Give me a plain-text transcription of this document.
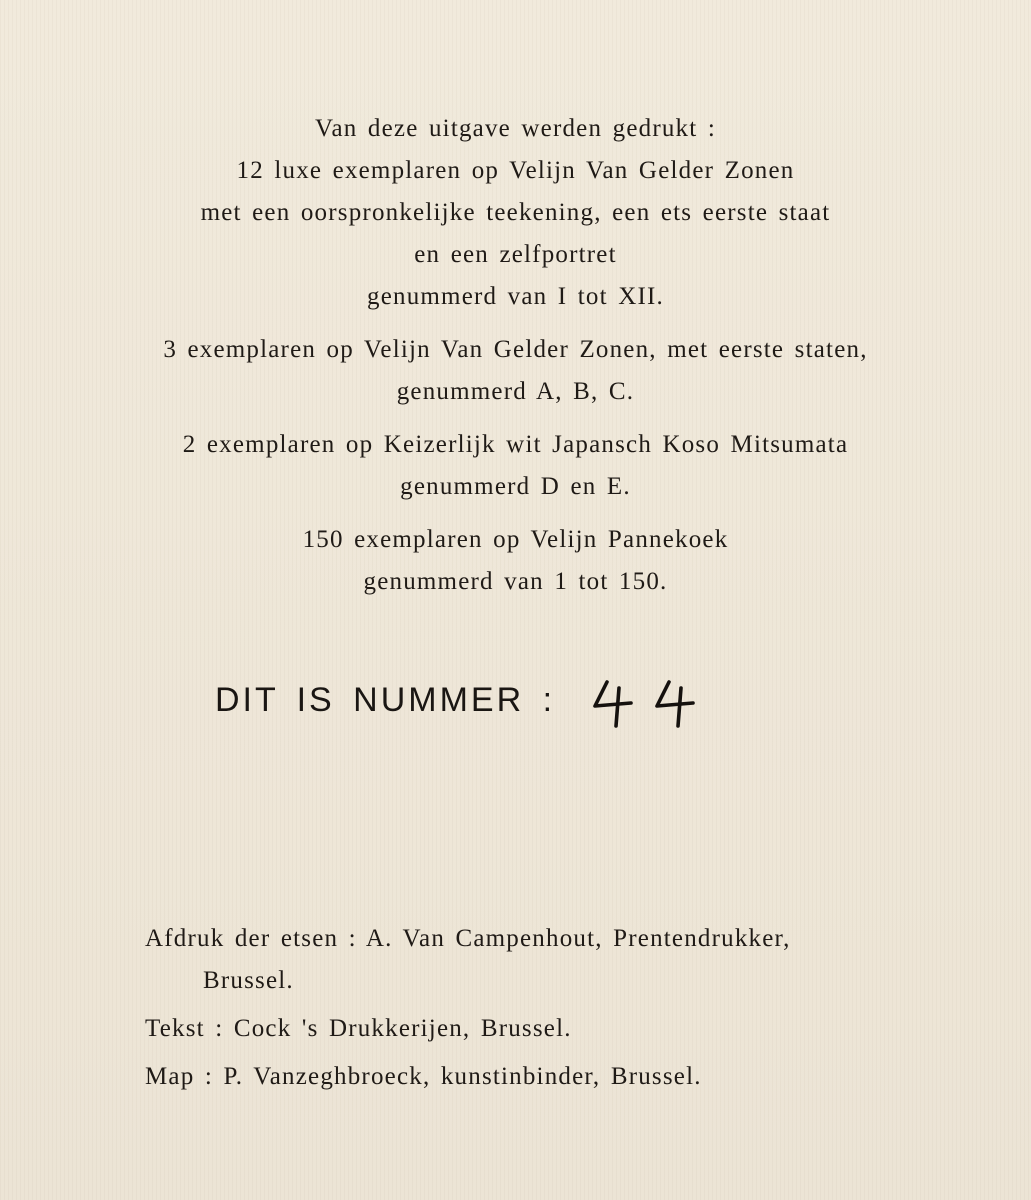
Van deze uitgave werden gedrukt :
12 luxe exemplaren op Velijn Van Gelder Zonen
met een oorspronkelijke teekening, een ets eerste staat
en een zelfportret
genummerd van I tot XII.
3 exemplaren op Velijn Van Gelder Zonen, met eerste staten,
genummerd A, B, C.
2 exemplaren op Keizerlijk wit Japansch Koso Mitsumata
genummerd D en E.
150 exemplaren op Velijn Pannekoek
genummerd van 1 tot 150.
DIT IS NUMMER :
Afdruk der etsen : A. Van Campenhout, Prentendrukker,
Brussel.
Tekst : Cock 's Drukkerijen, Brussel.
Map : P. Vanzeghbroeck, kunstinbinder, Brussel.
